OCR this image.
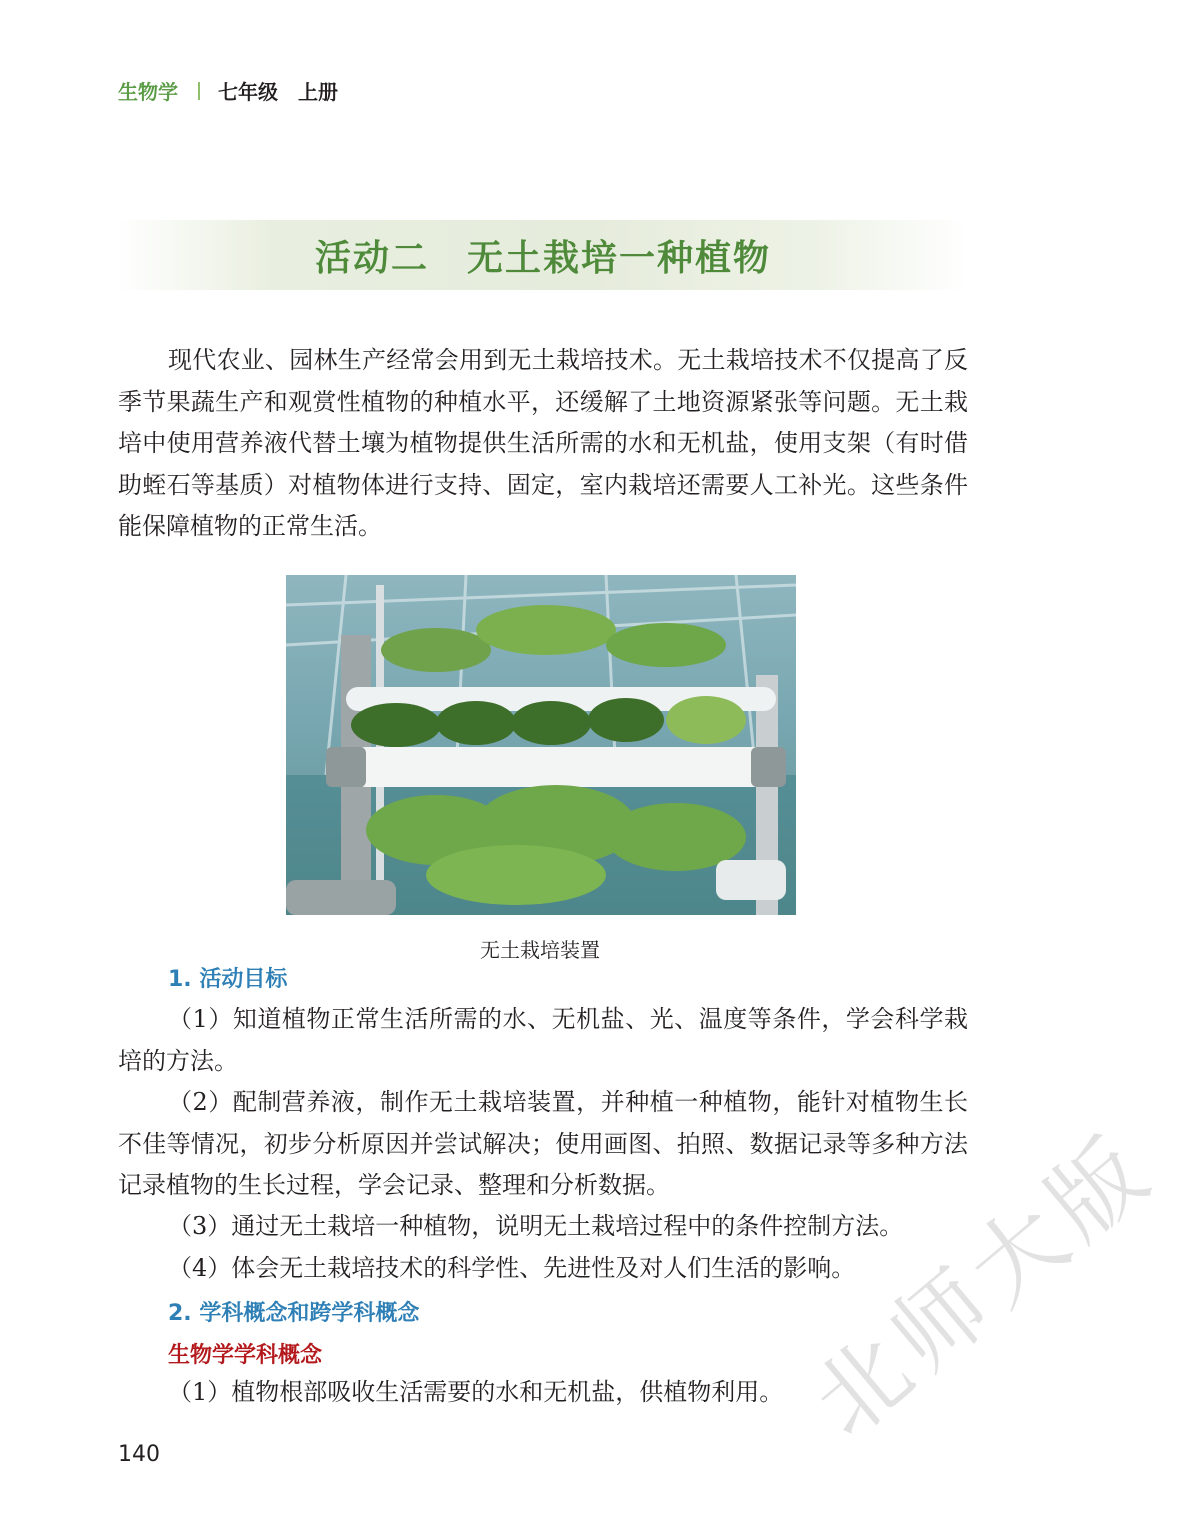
生物学 七年级 上册
活动二　无土栽培一种植物
现代农业、园林生产经常会用到无土栽培技术。无土栽培技术不仅提高了反季节果蔬生产和观赏性植物的种植水平，还缓解了土地资源紧张等问题。无土栽培中使用营养液代替土壤为植物提供生活所需的水和无机盐，使用支架（有时借助蛭石等基质）对植物体进行支持、固定，室内栽培还需要人工补光。这些条件能保障植物的正常生活。
无土栽培装置
1. 活动目标
（1）知道植物正常生活所需的水、无机盐、光、温度等条件，学会科学栽培的方法。
（2）配制营养液，制作无土栽培装置，并种植一种植物，能针对植物生长不佳等情况，初步分析原因并尝试解决；使用画图、拍照、数据记录等多种方法记录植物的生长过程，学会记录、整理和分析数据。
（3）通过无土栽培一种植物，说明无土栽培过程中的条件控制方法。
（4）体会无土栽培技术的科学性、先进性及对人们生活的影响。
2. 学科概念和跨学科概念
生物学学科概念
（1）植物根部吸收生活需要的水和无机盐，供植物利用。
140	北师大版
